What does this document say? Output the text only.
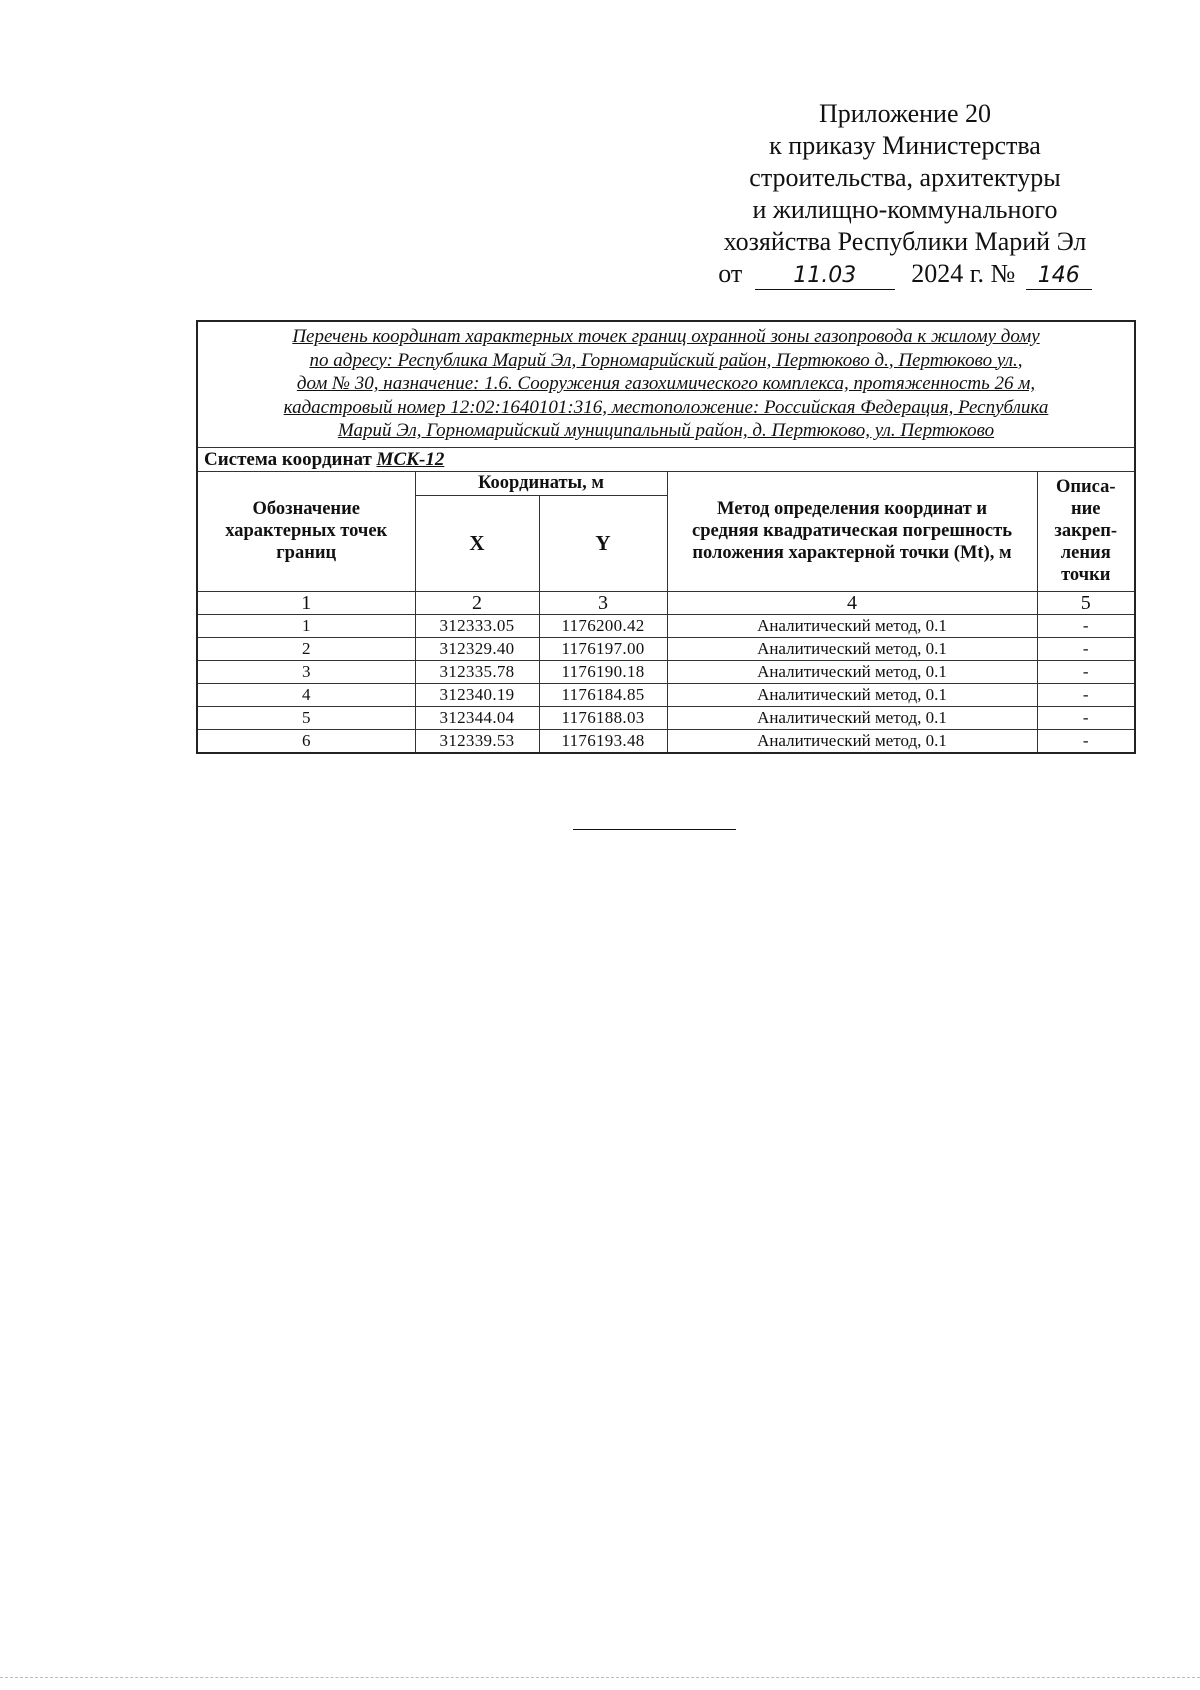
Приложение 20
к приказу Министерства
строительства, архитектуры
и жилищно-коммунального
хозяйства Республики Марий Эл
от 11.03 2024 г. № 146
Перечень координат характерных точек границ охранной зоны газопровода к жилому дому
по адресу: Республика Марий Эл, Горномарийский район, Пертюково д., Пертюково ул.,
дом № 30, назначение: 1.6. Сооружения газохимического комплекса, протяженность 26 м,
кадастровый номер 12:02:1640101:316, местоположение: Российская Федерация, Республика
Марий Эл, Горномарийский муниципальный район, д. Пертюково, ул. Пертюково				
Система координат МСК-12				
Обозначение характерных точек границ	Координаты, м		Метод определения координат и средняя квадратическая погрешность положения характерной точки (Mt), м	Описа-
ние
закреп-
ления
точки
	X	Y		
1	2	3	4	5
1	312333.05	1176200.42	Аналитический метод, 0.1	-
2	312329.40	1176197.00	Аналитический метод, 0.1	-
3	312335.78	1176190.18	Аналитический метод, 0.1	-
4	312340.19	1176184.85	Аналитический метод, 0.1	-
5	312344.04	1176188.03	Аналитический метод, 0.1	-
6	312339.53	1176193.48	Аналитический метод, 0.1	-
